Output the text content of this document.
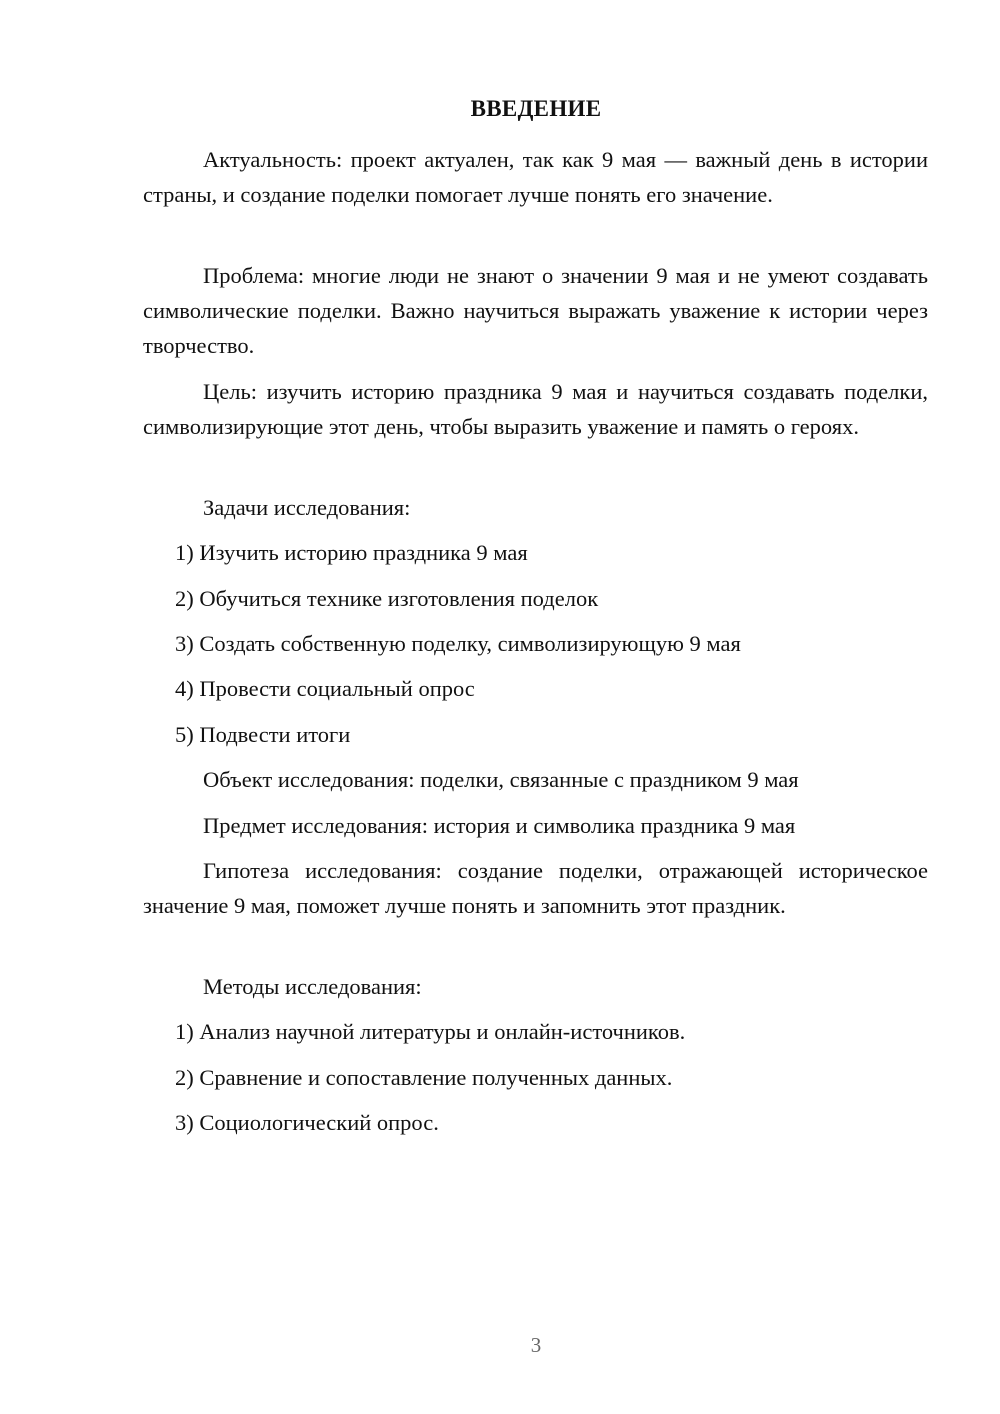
ВВЕДЕНИЕ

Актуальность: проект актуален, так как 9 мая — важный день в истории страны, и создание поделки помогает лучше понять его значение.

Проблема: многие люди не знают о значении 9 мая и не умеют создавать символические поделки. Важно научиться выражать уважение к истории через творчество.

Цель: изучить историю праздника 9 мая и научиться создавать поделки, символизирующие этот день, чтобы выразить уважение и память о героях.

Задачи исследования:

1) Изучить историю праздника 9 мая

2) Обучиться технике изготовления поделок

3) Создать собственную поделку, символизирующую 9 мая

4) Провести социальный опрос

5) Подвести итоги

Объект исследования: поделки, связанные с праздником 9 мая

Предмет исследования: история и символика праздника 9 мая

Гипотеза исследования: создание поделки, отражающей историческое значение 9 мая, поможет лучше понять и запомнить этот праздник.

Методы исследования:

1) Анализ научной литературы и онлайн-источников.

2) Сравнение и сопоставление полученных данных.

3) Социологический опрос.

3
